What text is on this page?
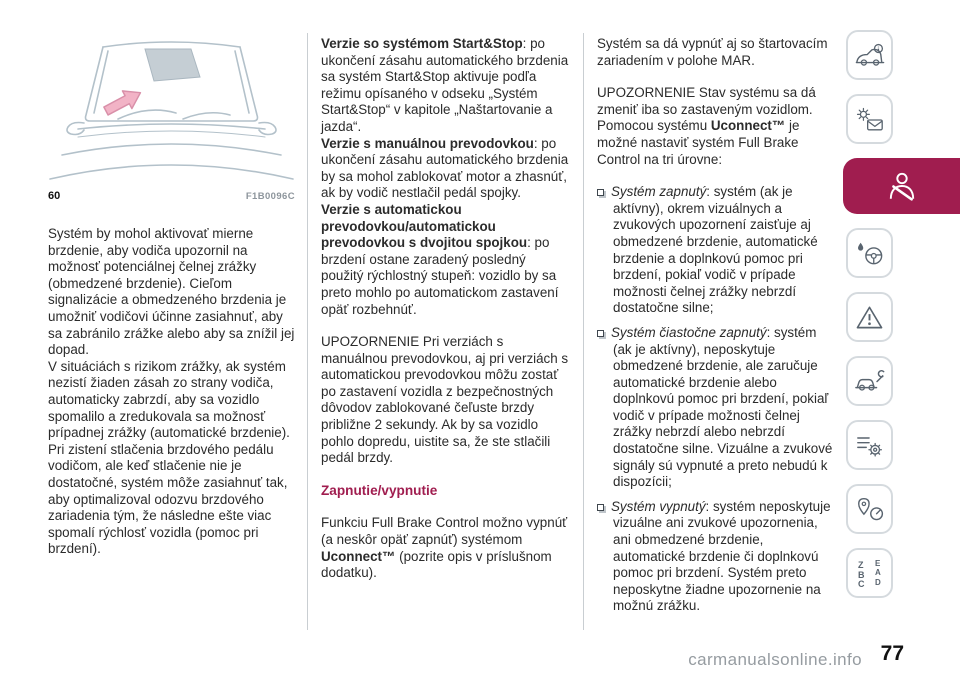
60	F1B0096C
Systém by mohol aktivovať mierne brzdenie, aby vodiča upozornil na možnosť potenciálnej čelnej zrážky (obmedzené brzdenie). Cieľom signalizácie a obmedzeného brzdenia je umožniť vodičovi účinne zasiahnuť, aby sa zabránilo zrážke alebo aby sa znížil jej dopad.
V situáciách s rizikom zrážky, ak systém nezistí žiaden zásah zo strany vodiča, automaticky zabrzdí, aby sa vozidlo spomalilo a zredukovala sa možnosť prípadnej zrážky (automatické brzdenie). Pri zistení stlačenia brzdového pedálu vodičom, ale keď stlačenie nie je dostatočné, systém môže zasiahnuť tak, aby optimalizoval odozvu brzdového zariadenia tým, že následne ešte viac spomalí rýchlosť vozidla (pomoc pri brzdení).
Verzie so systémom Start&Stop: po ukončení zásahu automatického brzdenia sa systém Start&Stop aktivuje podľa režimu opísaného v odseku „Systém Start&Stop“ v kapitole „Naštartovanie a jazda“.
Verzie s manuálnou prevodovkou: po ukončení zásahu automatického brzdenia by sa mohol zablokovať motor a zhasnúť, ak by vodič nestlačil pedál spojky.
Verzie s automatickou prevodovkou/automatickou prevodovkou s dvojitou spojkou: po brzdení ostane zaradený posledný použitý rýchlostný stupeň: vozidlo by sa preto mohlo po automatickom zastavení opäť rozbehnúť.
UPOZORNENIE Pri verziách s manuálnou prevodovkou, aj pri verziách s automatickou prevodovkou môžu zostať po zastavení vozidla z bezpečnostných dôvodov zablokované čeľuste brzdy približne 2 sekundy. Ak by sa vozidlo pohlo dopredu, uistite sa, že ste stlačili pedál brzdy.
Zapnutie/vypnutie
Funkciu Full Brake Control možno vypnúť (a neskôr opäť zapnúť) systémom Uconnect™ (pozrite opis v príslušnom dodatku).
Systém sa dá vypnúť aj so štartovacím zariadením v polohe MAR.
UPOZORNENIE Stav systému sa dá zmeniť iba so zastaveným vozidlom. Pomocou systému Uconnect™ je možné nastaviť systém Full Brake Control na tri úrovne:
Systém zapnutý: systém (ak je aktívny), okrem vizuálnych a zvukových upozornení zaisťuje aj obmedzené brzdenie, automatické brzdenie a doplnkovú pomoc pri brzdení, pokiaľ vodič v prípade možnosti čelnej zrážky nebrzdí dostatočne silne;
Systém čiastočne zapnutý: systém (ak je aktívny), neposkytuje obmedzené brzdenie, ale zaručuje automatické brzdenie alebo doplnkovú pomoc pri brzdení, pokiaľ vodič v prípade možnosti čelnej zrážky nebrzdí alebo nebrzdí dostatočne silne. Vizuálne a zvukové signály sú vypnuté a preto nebudú k dispozícii;
Systém vypnutý: systém neposkytuje vizuálne ani zvukové upozornenia, ani obmedzené brzdenie, automatické brzdenie či doplnkovú pomoc pri brzdení. Systém preto neposkytne žiadne upozornenie na možnú zrážku.
Z E
B A
C D
carmanualsonline.info 77
